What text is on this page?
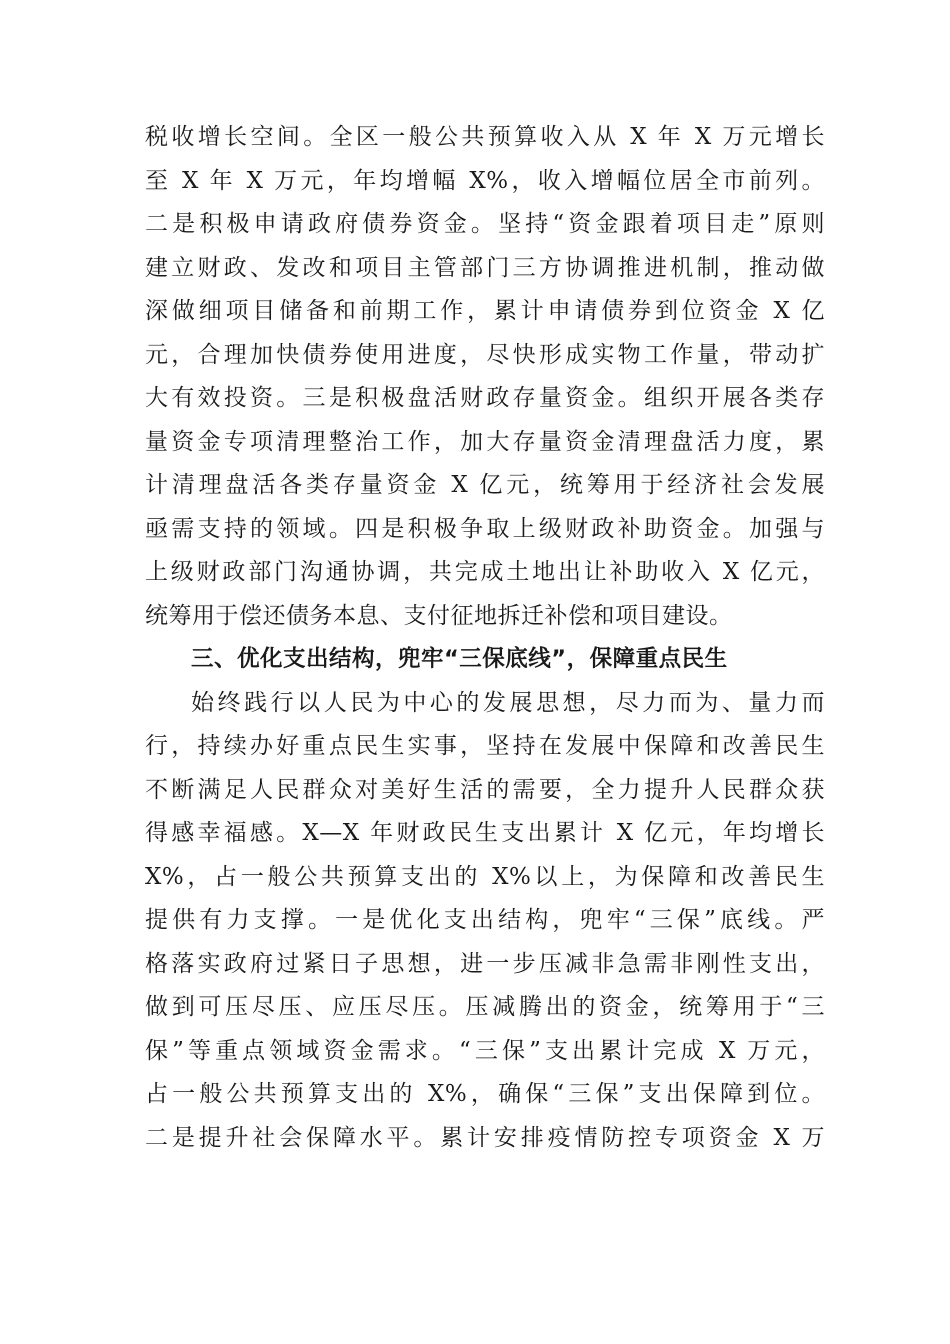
税收增长空间。全区一般公共预算收入从 X 年 X 万元增长
至 X 年 X 万元，年均增幅 X%，收入增幅位居全市前列。
二是积极申请政府债券资金。坚持“资金跟着项目走”原则
建立财政、发改和项目主管部门三方协调推进机制，推动做
深做细项目储备和前期工作，累计申请债券到位资金 X 亿
元，合理加快债券使用进度，尽快形成实物工作量，带动扩
大有效投资。三是积极盘活财政存量资金。组织开展各类存
量资金专项清理整治工作，加大存量资金清理盘活力度，累
计清理盘活各类存量资金 X 亿元，统筹用于经济社会发展
亟需支持的领域。四是积极争取上级财政补助资金。加强与
上级财政部门沟通协调，共完成土地出让补助收入 X 亿元，
统筹用于偿还债务本息、支付征地拆迁补偿和项目建设。
三、优化支出结构，兜牢“三保底线”，保障重点民生
始终践行以人民为中心的发展思想，尽力而为、量力而
行，持续办好重点民生实事，坚持在发展中保障和改善民生
不断满足人民群众对美好生活的需要，全力提升人民群众获
得感幸福感。X—X 年财政民生支出累计 X 亿元，年均增长
X%，占一般公共预算支出的 X%以上，为保障和改善民生
提供有力支撑。一是优化支出结构，兜牢“三保”底线。严
格落实政府过紧日子思想，进一步压减非急需非刚性支出，
做到可压尽压、应压尽压。压减腾出的资金，统筹用于“三
保”等重点领域资金需求。“三保”支出累计完成 X 万元，
占一般公共预算支出的 X%，确保“三保”支出保障到位。
二是提升社会保障水平。累计安排疫情防控专项资金 X 万
